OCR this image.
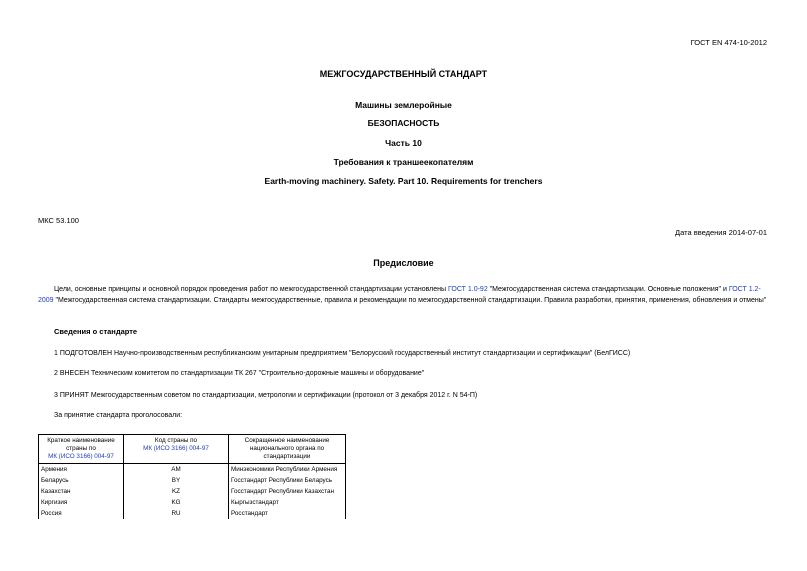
ГОСТ EN 474-10-2012
МЕЖГОСУДАРСТВЕННЫЙ СТАНДАРТ
Машины землеройные
БЕЗОПАСНОСТЬ
Часть 10
Требования к траншеекопателям
Earth-moving machinery. Safety. Part 10. Requirements for trenchers
МКС 53.100
Дата введения 2014-07-01
Предисловие
Цели, основные принципы и основной порядок проведения работ по межгосударственной стандартизации установлены ГОСТ 1.0-92 "Межгосударственная система стандартизации. Основные положения" и ГОСТ 1.2-2009 "Межгосударственная система стандартизации. Стандарты межгосударственные, правила и рекомендации по межгосударственной стандартизации. Правила разработки, принятия, применения, обновления и отмены"
Сведения о стандарте
1 ПОДГОТОВЛЕН Научно-производственным республиканским унитарным предприятием "Белорусский государственный институт стандартизации и сертификации" (БелГИСС)
2 ВНЕСЕН Техническим комитетом по стандартизации ТК 267 "Строительно-дорожные машины и оборудование"
3 ПРИНЯТ Межгосударственным советом по стандартизации, метрологии и сертификации (протокол от 3 декабря 2012 г. N 54-П)
За принятие стандарта проголосовали:
Краткое наименование страны по
МК (ИСО 3166) 004-97	Код страны по
МК (ИСО 3166) 004-97	Сокращенное наименование национального органа по стандартизации
Армения	AM	Минэкономики Республики Армения
Беларусь	BY	Госстандарт Республики Беларусь
Казахстан	KZ	Госстандарт Республики Казахстан
Киргизия	KG	Кыргызстандарт
Россия	RU	Росстандарт
